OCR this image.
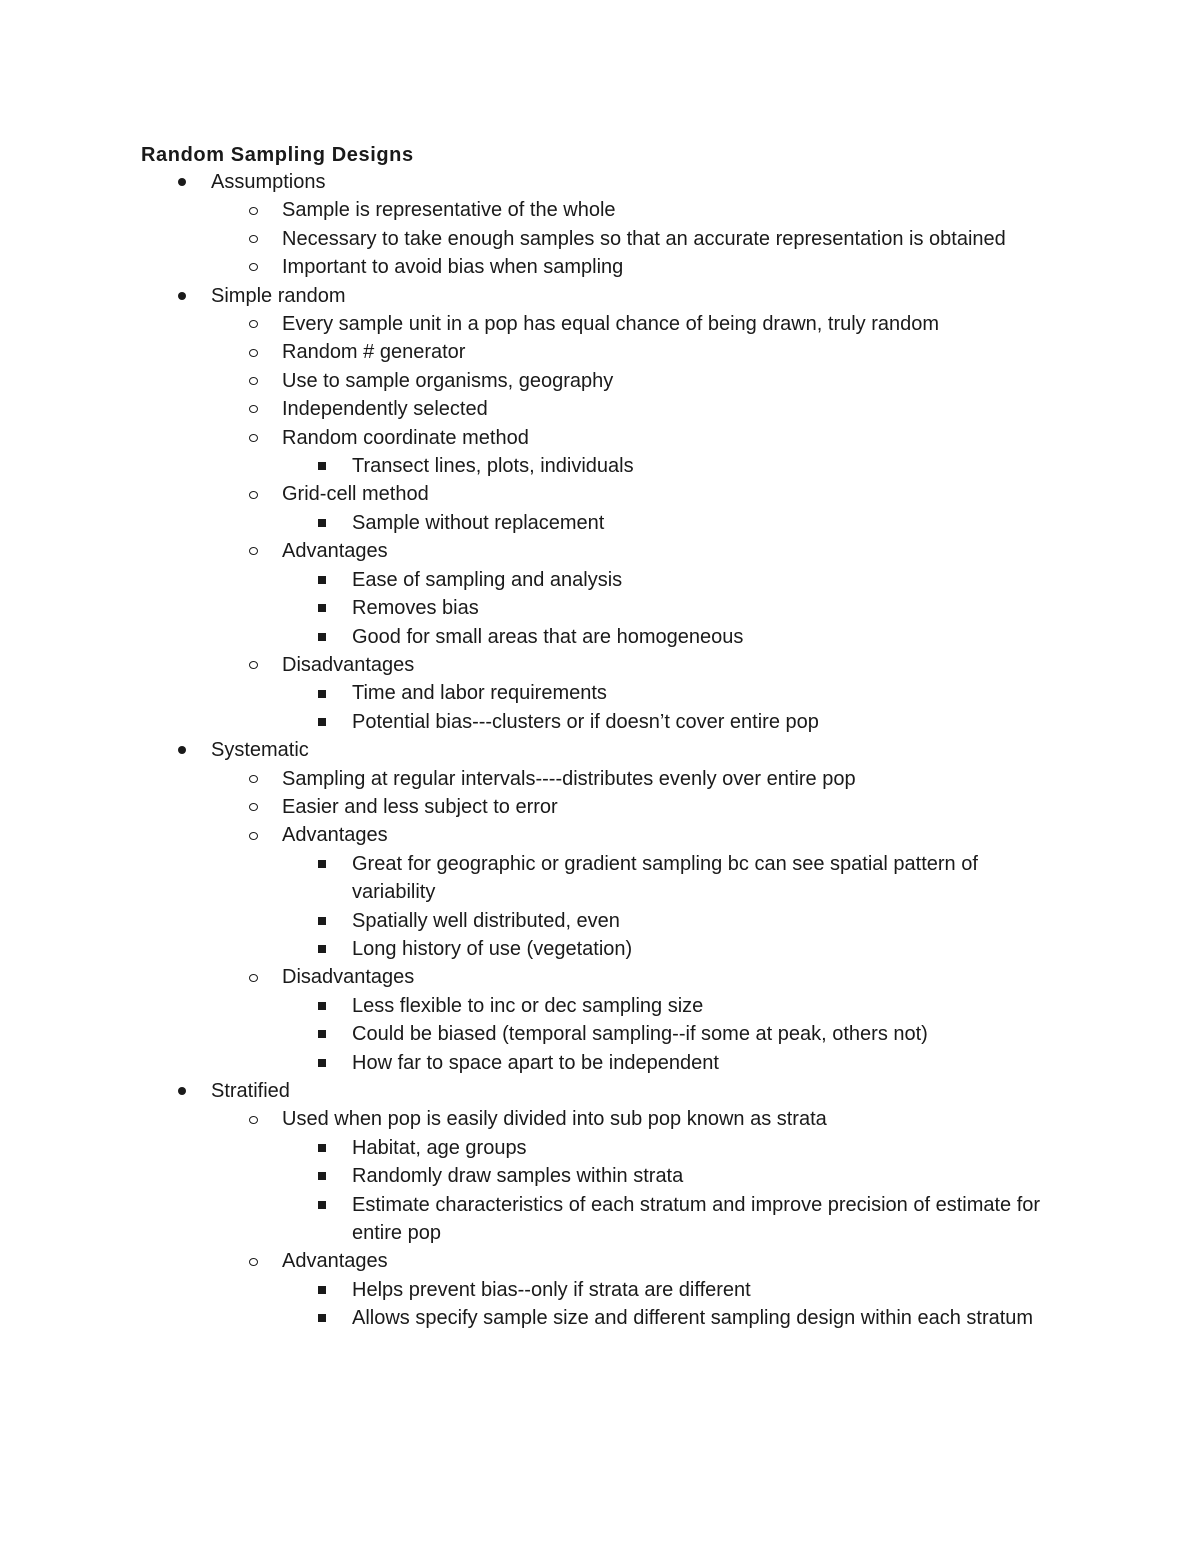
Random Sampling Designs
Assumptions
Sample is representative of the whole
Necessary to take enough samples so that an accurate representation is obtained
Important to avoid bias when sampling
Simple random
Every sample unit in a pop has equal chance of being drawn, truly random
Random # generator
Use to sample organisms, geography
Independently selected
Random coordinate method
Transect lines, plots, individuals
Grid-cell method
Sample without replacement
Advantages
Ease of sampling and analysis
Removes bias
Good for small areas that are homogeneous
Disadvantages
Time and labor requirements
Potential bias---clusters or if doesn’t cover entire pop
Systematic
Sampling at regular intervals----distributes evenly over entire pop
Easier and less subject to error
Advantages
Great for geographic or gradient sampling bc can see spatial pattern of variability
Spatially well distributed, even
Long history of use (vegetation)
Disadvantages
Less flexible to inc or dec sampling size
Could be biased (temporal sampling--if some at peak, others not)
How far to space apart to be independent
Stratified
Used when pop is easily divided into sub pop known as strata
Habitat, age groups
Randomly draw samples within strata
Estimate characteristics of each stratum and improve precision of estimate for entire pop
Advantages
Helps prevent bias--only if strata are different
Allows specify sample size and different sampling design within each stratum
